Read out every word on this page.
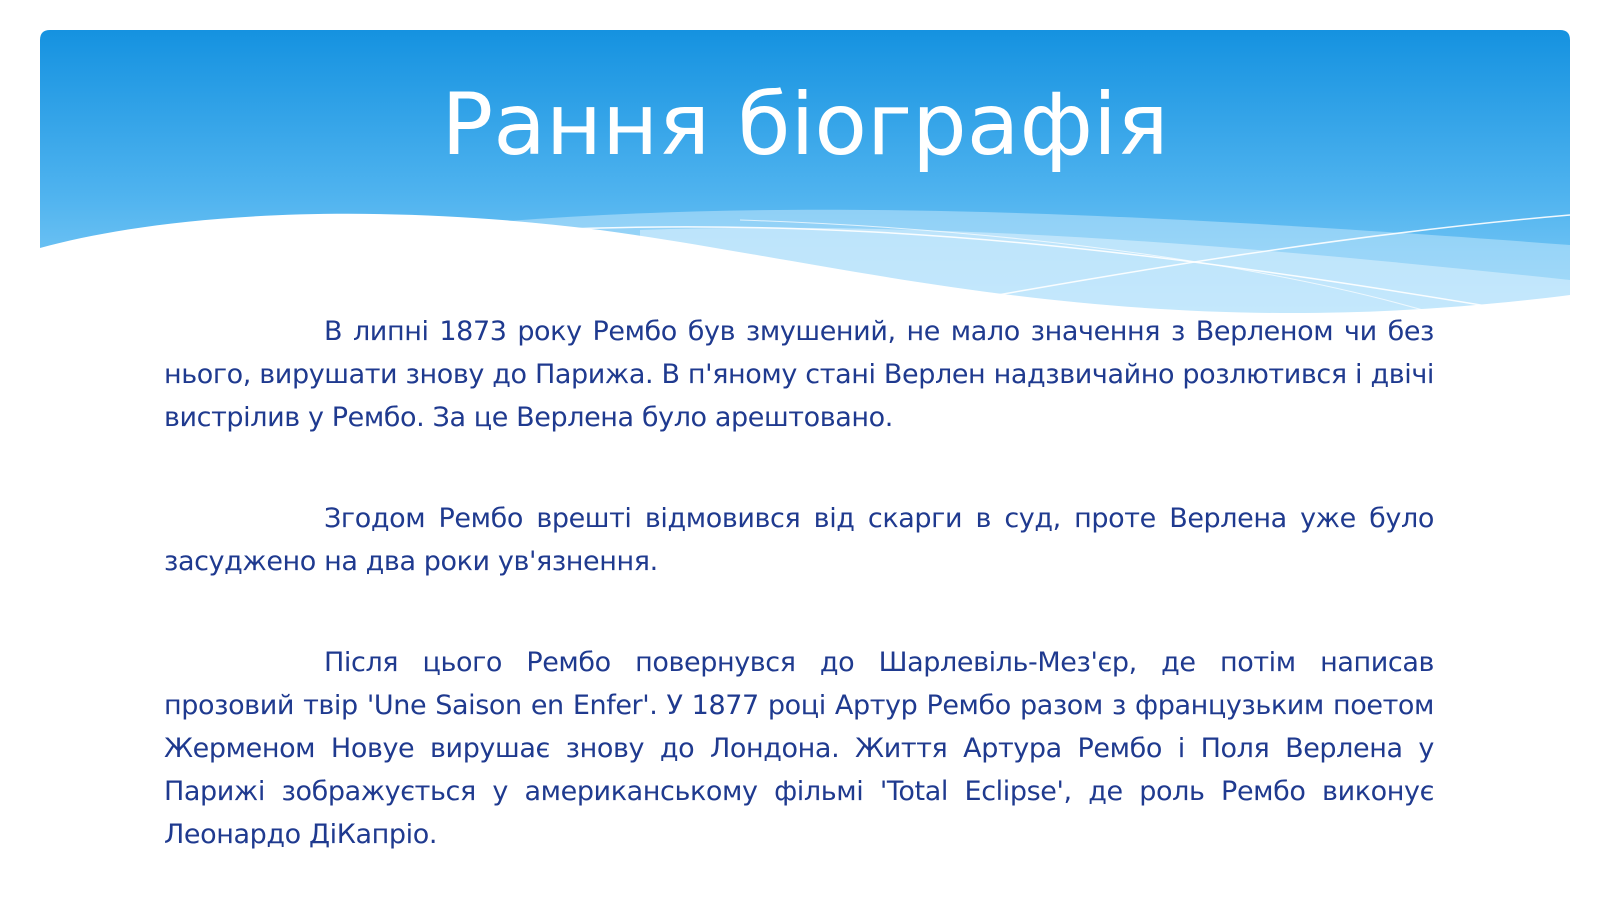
Рання біографія

В липні 1873 року Рембо був змушений, не мало значення з Верленом чи без нього, вирушати знову до Парижа. В п'яному стані Верлен надзвичайно розлютився і двічі вистрілив у Рембо. За це Верлена було арештовано.

Згодом Рембо врешті відмовився від скарги в суд, проте Верлена уже було засуджено на два роки ув'язнення.

Після цього Рембо повернувся до Шарлевіль-Мез'єр, де потім написав прозовий твір 'Une Saison en Enfer'. У 1877 році Артур Рембо разом з французьким поетом Жерменом Новуе вирушає знову до Лондона. Життя Артура Рембо і Поля Верлена у Парижі зображується у американському фільмі 'Total Eclipse', де роль Рембо виконує Леонардо ДіКапріо.
